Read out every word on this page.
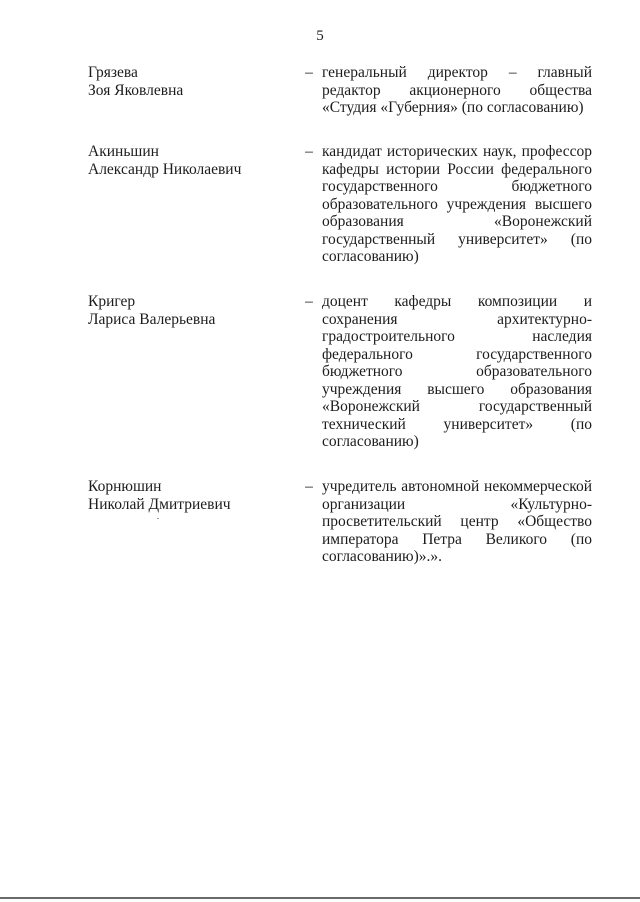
5
Грязева
Зоя Яковлевна
– генеральный директор – главный
редактор акционерного общества
«Студия «Губерния» (по согласованию)
Акиньшин
Александр Николаевич
– кандидат исторических наук, профессор
кафедры истории России федерального
государственного бюджетного
образовательного учреждения высшего
образования «Воронежский
государственный университет» (по
согласованию)
Кригер
Лариса Валерьевна
– доцент кафедры композиции и
сохранения архитектурно-
градостроительного наследия
федерального государственного
бюджетного образовательного
учреждения высшего образования
«Воронежский государственный
технический университет» (по
согласованию)
Корнюшин
Николай Дмитриевич
– учредитель автономной некоммерческой
организации «Культурно-
просветительский центр «Общество
императора Петра Великого (по
согласованию)».».
